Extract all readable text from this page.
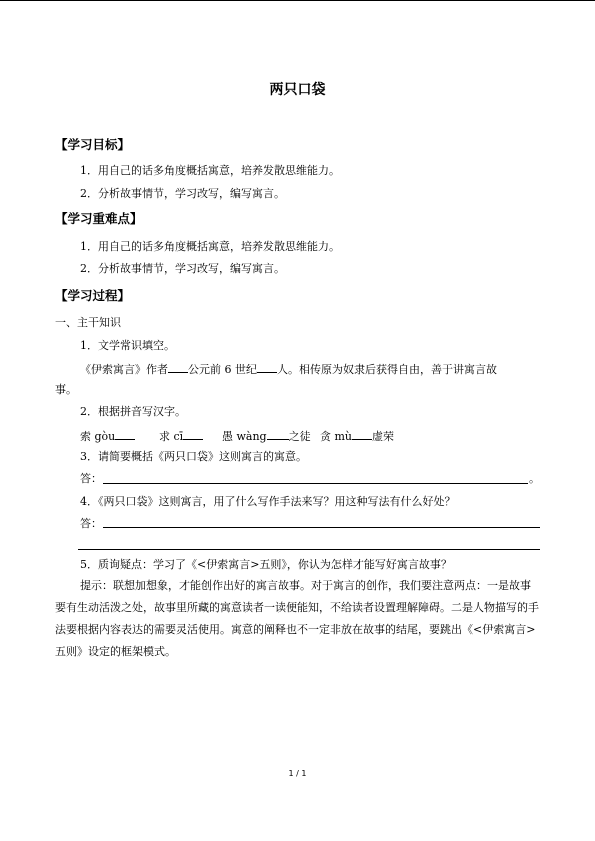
两只口袋
【学习目标】
1．用自己的话多角度概括寓意，培养发散思维能力。
2．分析故事情节，学习改写，编写寓言。
【学习重难点】
1．用自己的话多角度概括寓意，培养发散思维能力。
2．分析故事情节，学习改写，编写寓言。
【学习过程】
一、主干知识
1．文学常识填空。
《伊索寓言》作者 公元前 6 世纪 人。相传原为奴隶后获得自由，善于讲寓言故
事。
2．根据拼音写汉字。
索 gòu	求 cī	愚 wàng 之徒 贪 mù 虚荣
3．请简要概括《两只口袋》这则寓言的寓意。
答：	。
4．《两只口袋》这则寓言，用了什么写作手法来写？用这种写法有什么好处？
答：
5．质询疑点：学习了《<伊索寓言>五则》，你认为怎样才能写好寓言故事？
提示：联想加想象，才能创作出好的寓言故事。对于寓言的创作，我们要注意两点：一是故事要有生动活泼之处，故事里所藏的寓意读者一读便能知，不给读者设置理解障碍。二是人物描写的手法要根据内容表达的需要灵活使用。寓意的阐释也不一定非放在故事的结尾，要跳出《<伊索寓言>五则》设定的框架模式。
1 / 1
